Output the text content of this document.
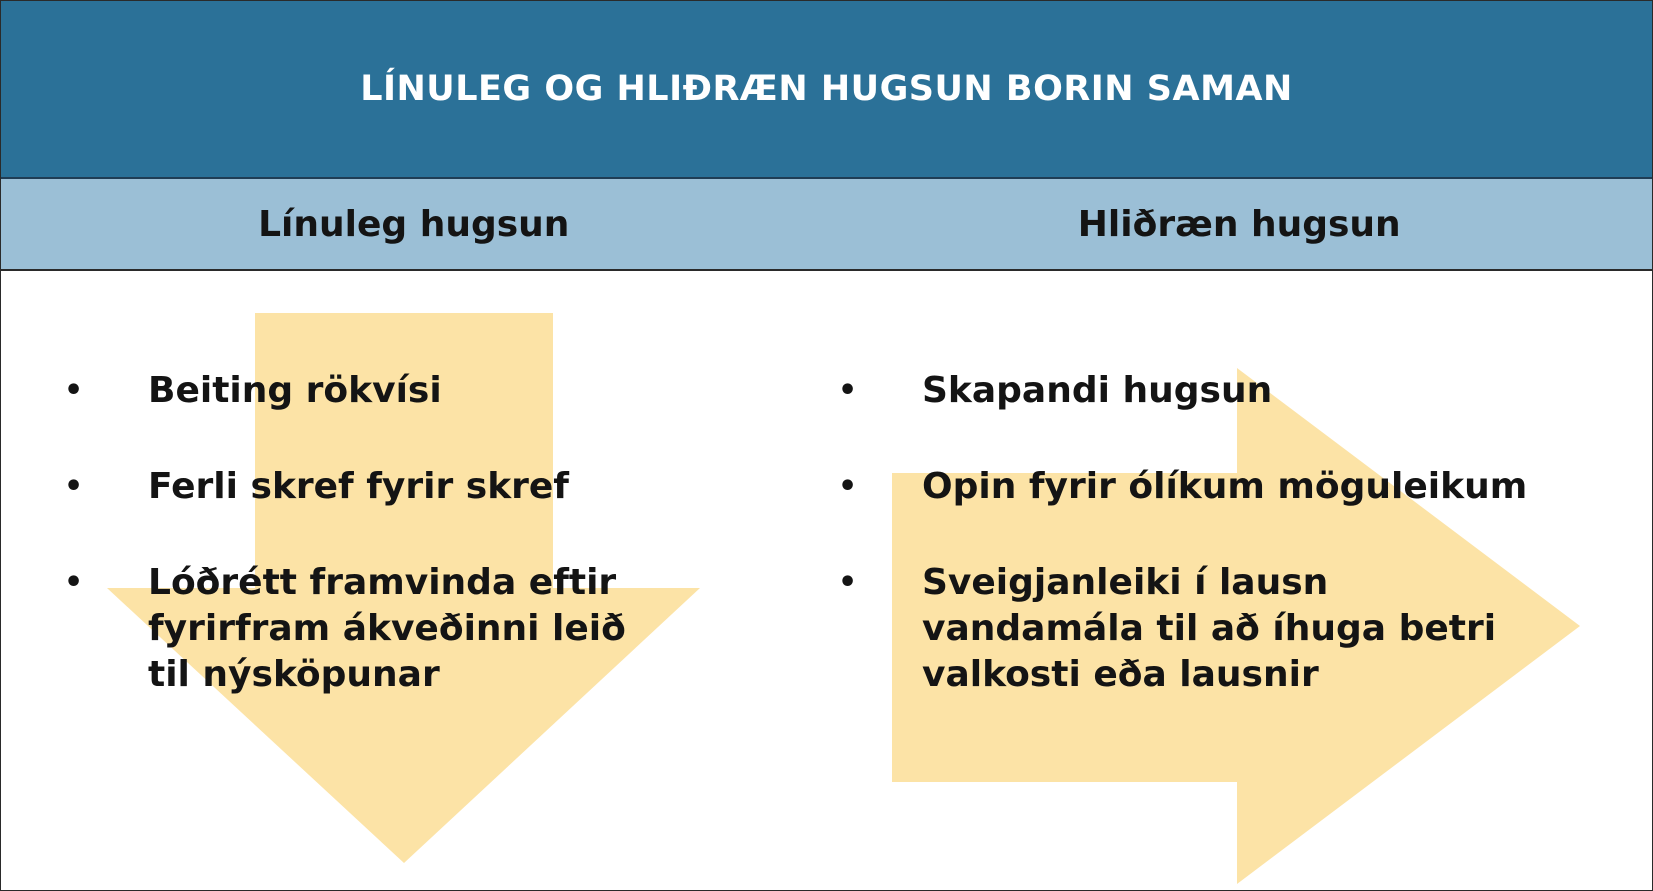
LÍNULEG OG HLIÐRÆN HUGSUN BORIN SAMAN
Línuleg hugsun	Hliðræn hugsun
• Beiting rökvísi
• Ferli skref fyrir skref
• Lóðrétt framvinda eftir fyrirfram ákveðinni leið til nýsköpunar
• Skapandi hugsun
• Opin fyrir ólíkum möguleikum
• Sveigjanleiki í lausn vandamála til að íhuga betri valkosti eða lausnir
